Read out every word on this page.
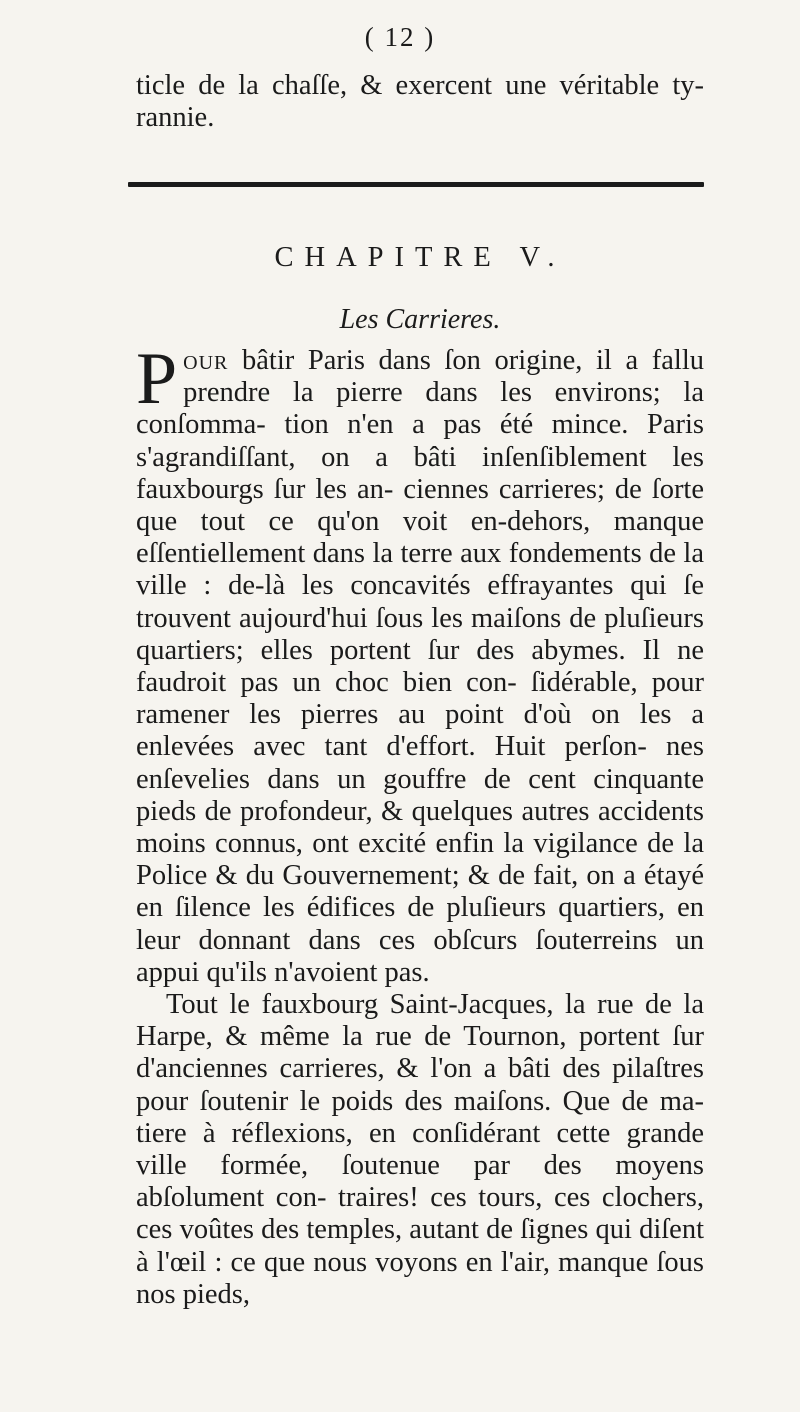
( 12 )

ticle de la chaſſe, & exercent une véritable ty- rannie.

CHAPITRE V.
Les Carrieres.

Pour bâtir Paris dans ſon origine, il a fallu prendre la pierre dans les environs; la conſomma- tion n'en a pas été mince. Paris s'agrandiſſant, on a bâti inſenſiblement les fauxbourgs ſur les an- ciennes carrieres; de ſorte que tout ce qu'on voit en-dehors, manque eſſentiellement dans la terre aux fondements de la ville : de-là les concavités effrayantes qui ſe trouvent aujourd'hui ſous les maiſons de pluſieurs quartiers; elles portent ſur des abymes. Il ne faudroit pas un choc bien con- ſidérable, pour ramener les pierres au point d'où on les a enlevées avec tant d'effort. Huit perſon- nes enſevelies dans un gouffre de cent cinquante pieds de profondeur, & quelques autres accidents moins connus, ont excité enfin la vigilance de la Police & du Gouvernement; & de fait, on a étayé en ſilence les édifices de pluſieurs quartiers, en leur donnant dans ces obſcurs ſouterreins un appui qu'ils n'avoient pas.

Tout le fauxbourg Saint-Jacques, la rue de la Harpe, & même la rue de Tournon, portent ſur d'anciennes carrieres, & l'on a bâti des pilaſtres pour ſoutenir le poids des maiſons. Que de ma- tiere à réflexions, en conſidérant cette grande ville formée, ſoutenue par des moyens abſolument con- traires! ces tours, ces clochers, ces voûtes des temples, autant de ſignes qui diſent à l'œil : ce que nous voyons en l'air, manque ſous nos pieds,
